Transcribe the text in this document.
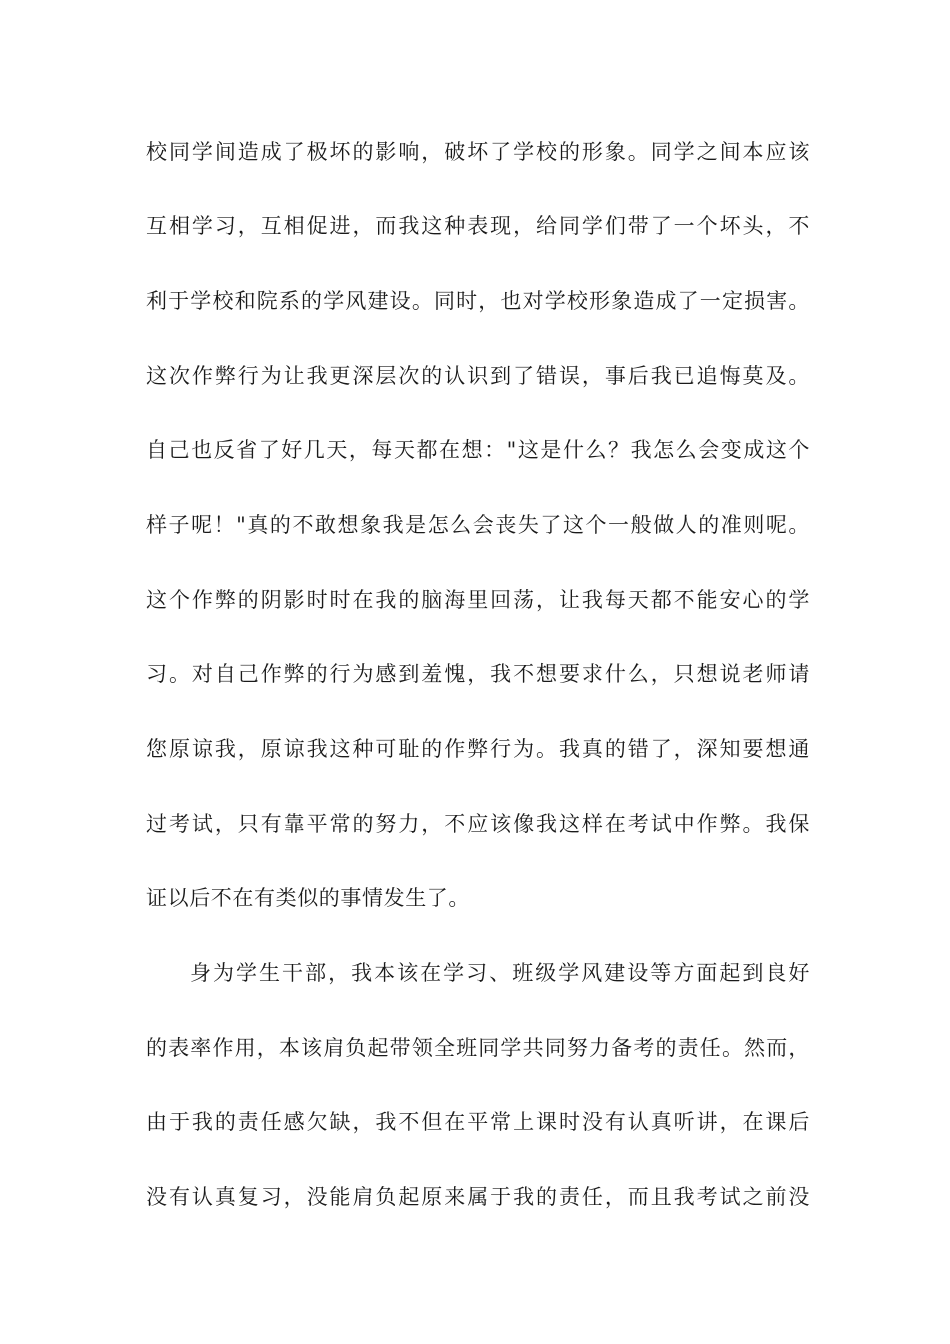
校同学间造成了极坏的影响，破坏了学校的形象。同学之间本应该
互相学习，互相促进，而我这种表现，给同学们带了一个坏头，不
利于学校和院系的学风建设。同时，也对学校形象造成了一定损害。
这次作弊行为让我更深层次的认识到了错误，事后我已追悔莫及。
自己也反省了好几天，每天都在想："这是什么？我怎么会变成这个
样子呢！"真的不敢想象我是怎么会丧失了这个一般做人的准则呢。
这个作弊的阴影时时在我的脑海里回荡，让我每天都不能安心的学
习。对自己作弊的行为感到羞愧，我不想要求什么，只想说老师请
您原谅我，原谅我这种可耻的作弊行为。我真的错了，深知要想通
过考试，只有靠平常的努力，不应该像我这样在考试中作弊。我保
证以后不在有类似的事情发生了。
身为学生干部，我本该在学习、班级学风建设等方面起到良好
的表率作用，本该肩负起带领全班同学共同努力备考的责任。然而，
由于我的责任感欠缺，我不但在平常上课时没有认真听讲，在课后
没有认真复习，没能肩负起原来属于我的责任，而且我考试之前没
